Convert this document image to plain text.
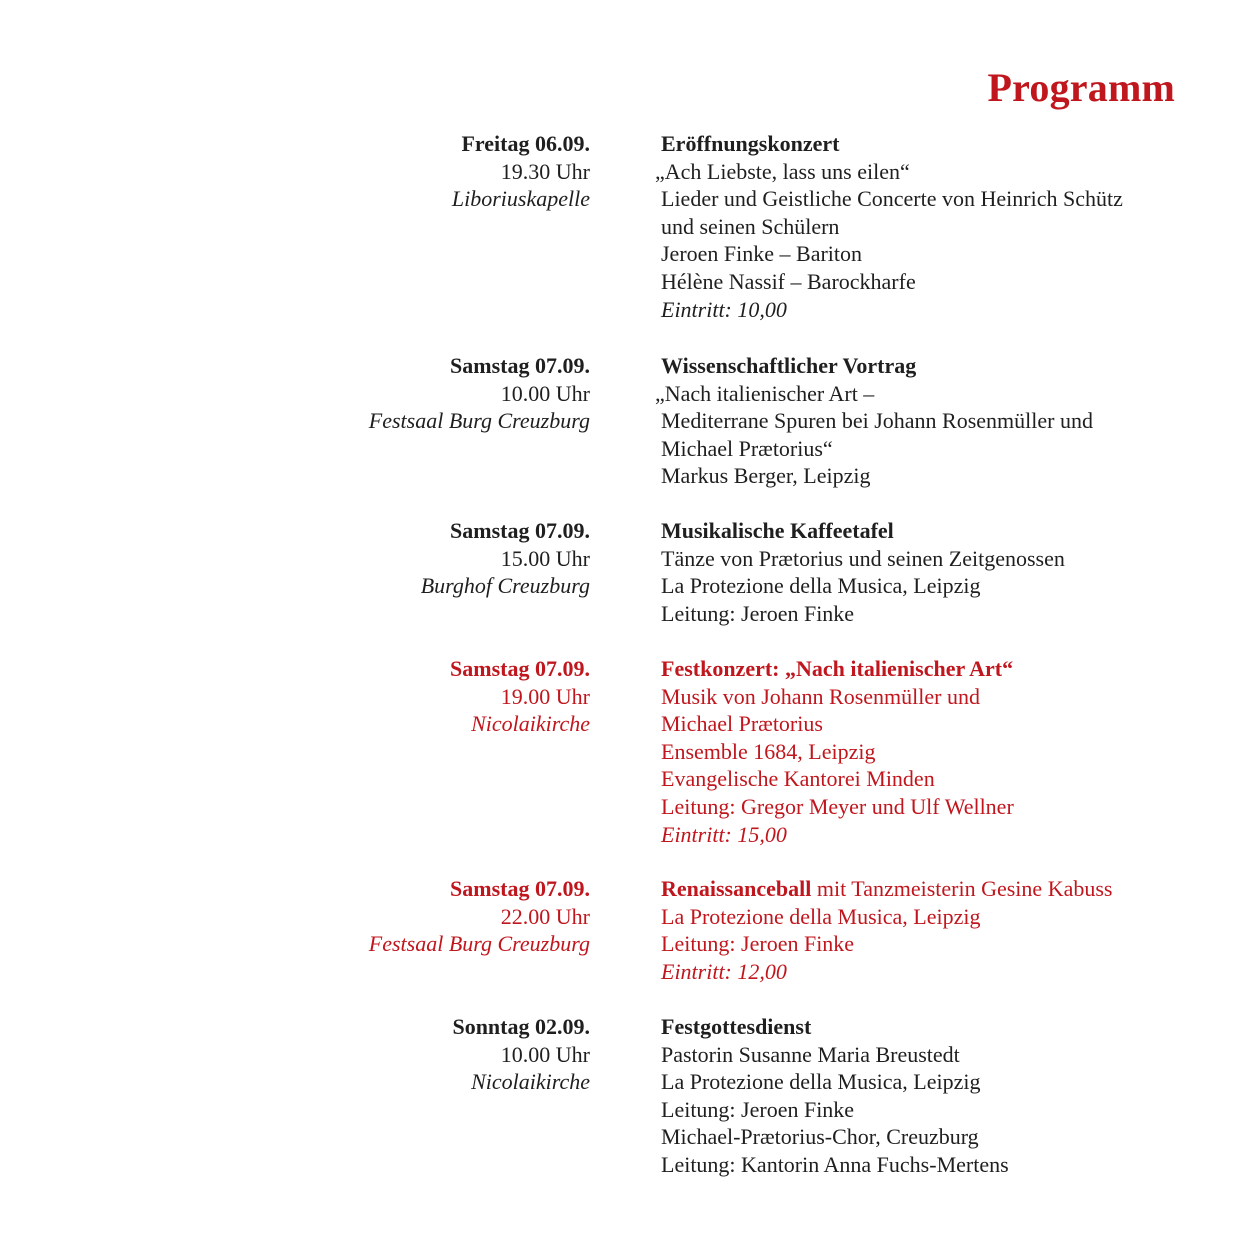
Programm
Freitag 06.09.
19.30 Uhr
Liboriuskapelle
Eröffnungskonzert
„Ach Liebste, lass uns eilen“
Lieder und Geistliche Concerte von Heinrich Schütz
und seinen Schülern
Jeroen Finke – Bariton
Hélène Nassif – Barockharfe
Eintritt: 10,00
Samstag 07.09.
10.00 Uhr
Festsaal Burg Creuzburg
Wissenschaftlicher Vortrag
„Nach italienischer Art –
Mediterrane Spuren bei Johann Rosenmüller und
Michael Prætorius“
Markus Berger, Leipzig
Samstag 07.09.
15.00 Uhr
Burghof Creuzburg
Musikalische Kaffeetafel
Tänze von Prætorius und seinen Zeitgenossen
La Protezione della Musica, Leipzig
Leitung: Jeroen Finke
Samstag 07.09.
19.00 Uhr
Nicolaikirche
Festkonzert: „Nach italienischer Art“
Musik von Johann Rosenmüller und
Michael Prætorius
Ensemble 1684, Leipzig
Evangelische Kantorei Minden
Leitung: Gregor Meyer und Ulf Wellner
Eintritt: 15,00
Samstag 07.09.
22.00 Uhr
Festsaal Burg Creuzburg
Renaissanceball mit Tanzmeisterin Gesine Kabuss
La Protezione della Musica, Leipzig
Leitung: Jeroen Finke
Eintritt: 12,00
Sonntag 02.09.
10.00 Uhr
Nicolaikirche
Festgottesdienst
Pastorin Susanne Maria Breustedt
La Protezione della Musica, Leipzig
Leitung: Jeroen Finke
Michael-Prætorius-Chor, Creuzburg
Leitung: Kantorin Anna Fuchs-Mertens
